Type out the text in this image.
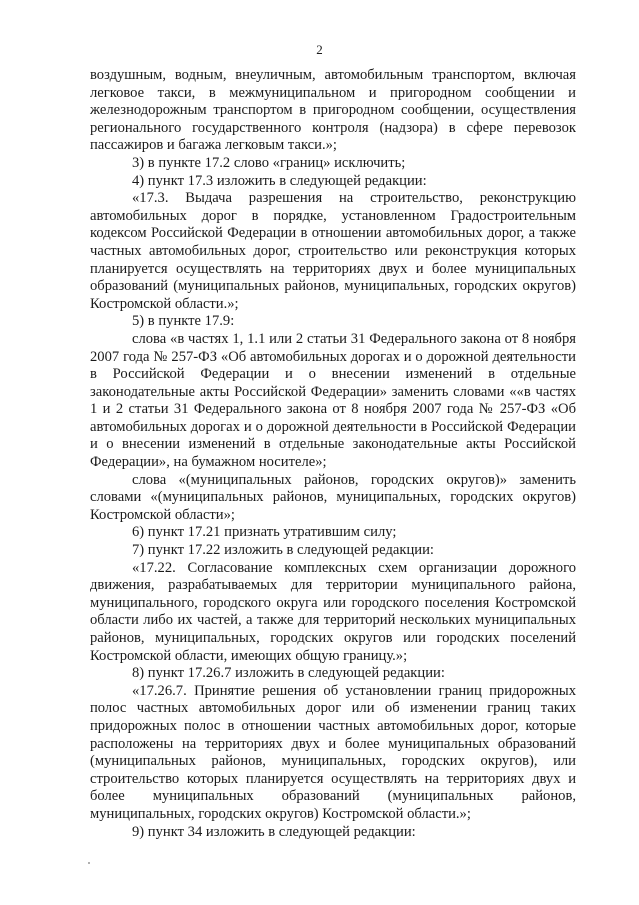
2

воздушным, водным, внеуличным, автомобильным транспортом, включая легковое такси, в межмуниципальном и пригородном сообщении и железнодорожным транспортом в пригородном сообщении, осуществления регионального государственного контроля (надзора) в сфере перевозок пассажиров и багажа легковым такси.»;

3) в пункте 17.2 слово «границ» исключить;

4) пункт 17.3 изложить в следующей редакции:

«17.3. Выдача разрешения на строительство, реконструкцию автомобильных дорог в порядке, установленном Градостроительным кодексом Российской Федерации в отношении автомобильных дорог, а также частных автомобильных дорог, строительство или реконструкция которых планируется осуществлять на территориях двух и более муниципальных образований (муниципальных районов, муниципальных, городских округов) Костромской области.»;

5) в пункте 17.9:

слова «в частях 1, 1.1 или 2 статьи 31 Федерального закона от 8 ноября 2007 года № 257-ФЗ «Об автомобильных дорогах и о дорожной деятельности в Российской Федерации и о внесении изменений в отдельные законодательные акты Российской Федерации» заменить словами ««в частях 1 и 2 статьи 31 Федерального закона от 8 ноября 2007 года № 257-ФЗ «Об автомобильных дорогах и о дорожной деятельности в Российской Федерации и о внесении изменений в отдельные законодательные акты Российской Федерации», на бумажном носителе»;

слова «(муниципальных районов, городских округов)» заменить словами «(муниципальных районов, муниципальных, городских округов) Костромской области»;

6) пункт 17.21 признать утратившим силу;

7) пункт 17.22 изложить в следующей редакции:

«17.22. Согласование комплексных схем организации дорожного движения, разрабатываемых для территории муниципального района, муниципального, городского округа или городского поселения Костромской области либо их частей, а также для территорий нескольких муниципальных районов, муниципальных, городских округов или городских поселений Костромской области, имеющих общую границу.»;

8) пункт 17.26.7 изложить в следующей редакции:

«17.26.7. Принятие решения об установлении границ придорожных полос частных автомобильных дорог или об изменении границ таких придорожных полос в отношении частных автомобильных дорог, которые расположены на территориях двух и более муниципальных образований (муниципальных районов, муниципальных, городских округов), или строительство которых планируется осуществлять на территориях двух и более муниципальных образований (муниципальных районов, муниципальных, городских округов) Костромской области.»;

9) пункт 34 изложить в следующей редакции:
